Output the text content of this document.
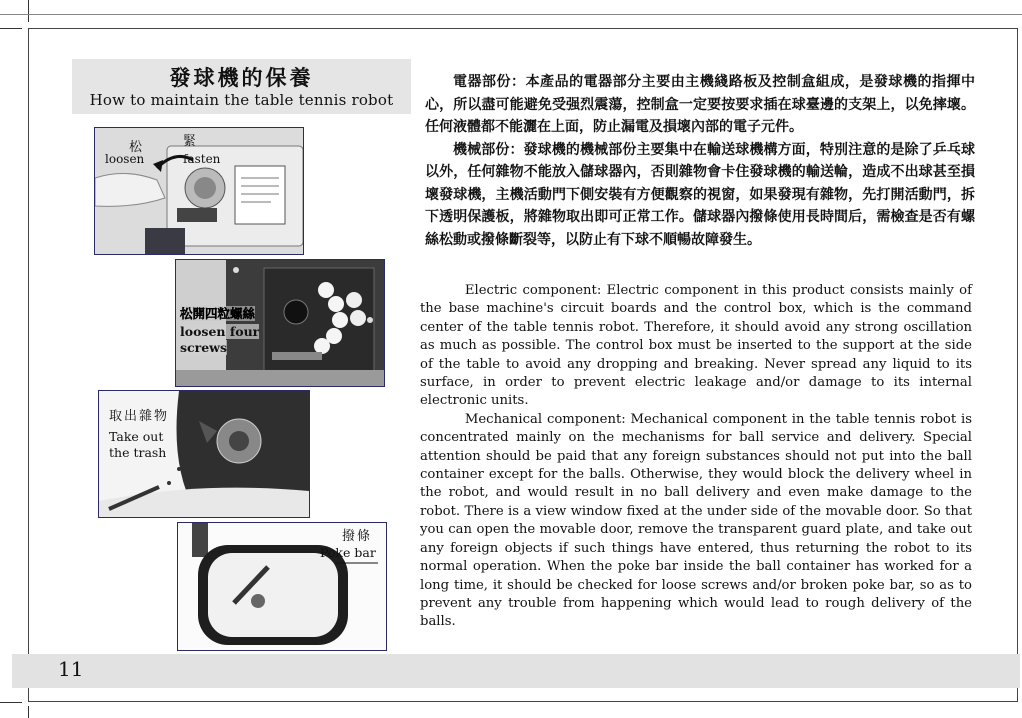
發球機的保養
How to maintain the table tennis robot
松
loosen
緊
fasten
松開四粒螺絲
loosen four
screws
取出雜物
Take out
the trash
撥條
Poke bar

電器部份：本產品的電器部分主要由主機綫路板及控制盒組成，是發球機的指揮中心，所以盡可能避免受强烈震蕩，控制盒一定要按要求插在球臺邊的支架上，以免摔壞。任何液體都不能灑在上面，防止漏電及損壞內部的電子元件。

機械部份：發球機的機械部份主要集中在輸送球機構方面，特別注意的是除了乒乓球以外，任何雜物不能放入儲球器內，否則雜物會卡住發球機的輸送輪，造成不出球甚至損壞發球機，主機活動門下側安裝有方便觀察的視窗，如果發現有雜物，先打開活動門，拆下透明保護板，將雜物取出即可正常工作。儲球器內撥條使用長時間后，需檢查是否有螺絲松動或撥條斷裂等，以防止有下球不順暢故障發生。

Electric component: Electric component in this product consists mainly of the base machine's circuit boards and the control box, which is the command center of the table tennis robot. Therefore, it should avoid any strong oscillation as much as possible. The control box must be inserted to the support at the side of the table to avoid any dropping and breaking. Never spread any liquid to its surface, in order to prevent electric leakage and/or damage to its internal electronic units.

Mechanical component: Mechanical component in the table tennis robot is concentrated mainly on the mechanisms for ball service and delivery. Special attention should be paid that any foreign substances should not put into the ball container except for the balls. Otherwise, they would block the delivery wheel in the robot, and would result in no ball delivery and even make damage to the robot. There is a view window fixed at the under side of the movable door. So that you can open the movable door, remove the transparent guard plate, and take out any foreign objects if such things have entered, thus returning the robot to its normal operation. When the poke bar inside the ball container has worked for a long time, it should be checked for loose screws and/or broken poke bar, so as to prevent any trouble from happening which would lead to rough delivery of the balls.

11
